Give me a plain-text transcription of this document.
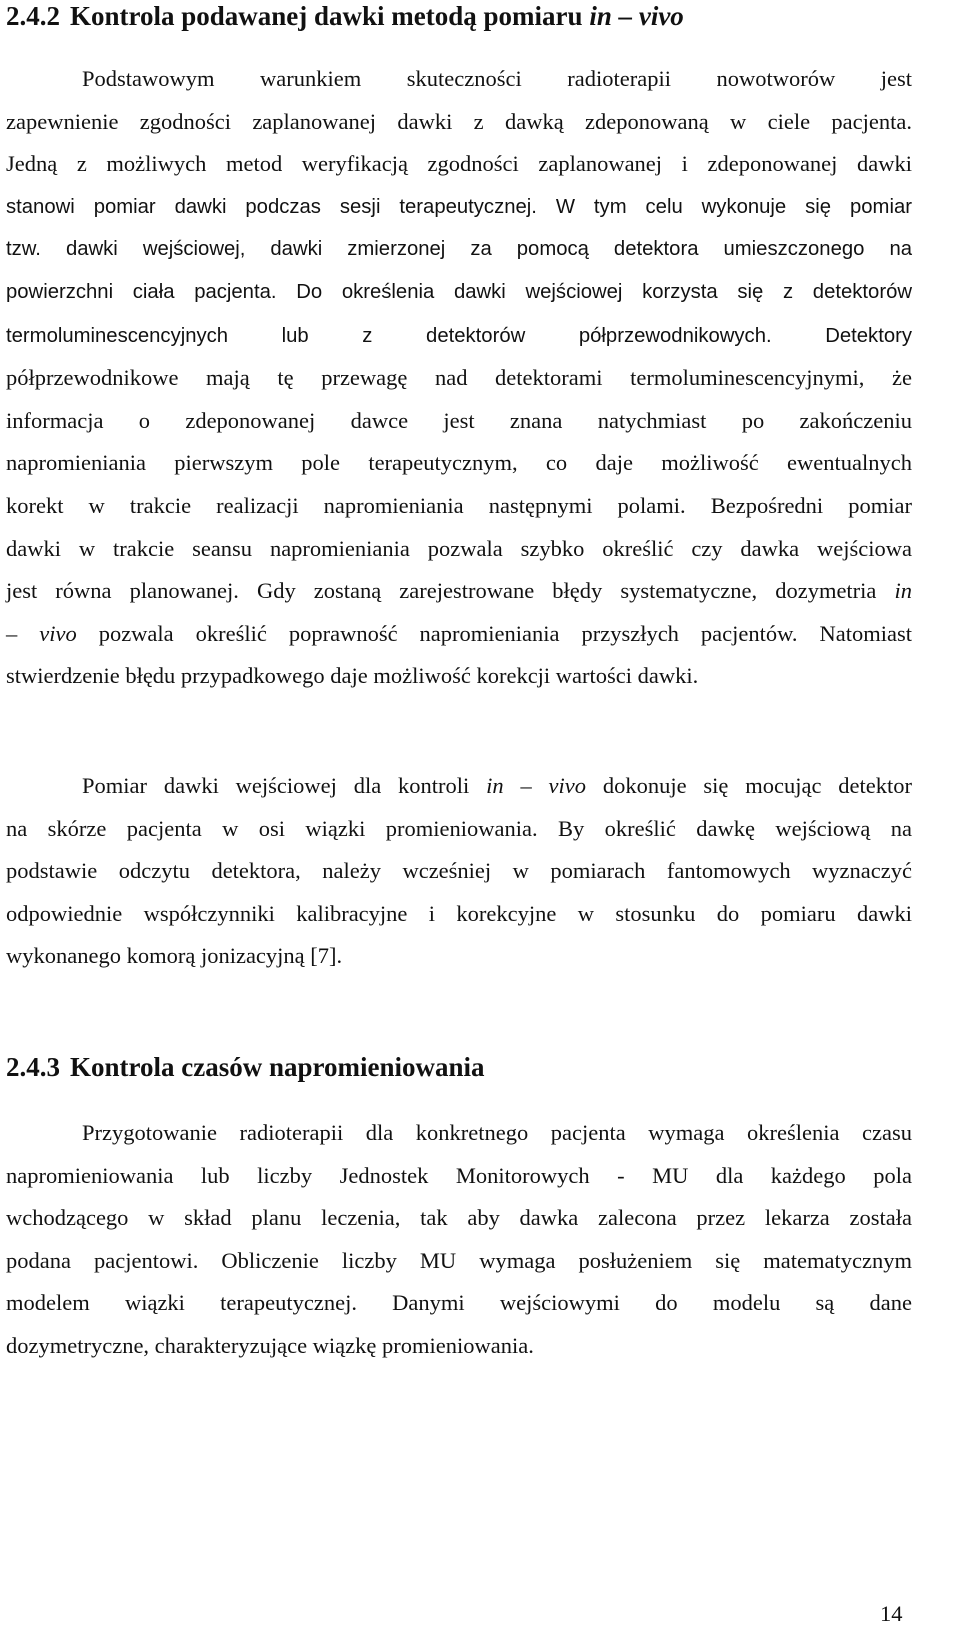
2.4.2 Kontrola podawanej dawki metodą pomiaru in – vivo

Podstawowym warunkiem skuteczności radioterapii nowotworów jest
zapewnienie zgodności zaplanowanej dawki z dawką zdeponowaną w ciele pacjenta.
Jedną z możliwych metod weryfikacją zgodności zaplanowanej i zdeponowanej dawki
stanowi pomiar dawki podczas sesji terapeutycznej. W tym celu wykonuje się pomiar
tzw. dawki wejściowej, dawki zmierzonej za pomocą detektora umieszczonego na
powierzchni ciała pacjenta. Do określenia dawki wejściowej korzysta się z detektorów
termoluminescencyjnych lub z detektorów półprzewodnikowych. Detektory
półprzewodnikowe mają tę przewagę nad detektorami termoluminescencyjnymi, że
informacja o zdeponowanej dawce jest znana natychmiast po zakończeniu
napromieniania pierwszym pole terapeutycznym, co daje możliwość ewentualnych
korekt w trakcie realizacji napromieniania następnymi polami. Bezpośredni pomiar
dawki w trakcie seansu napromieniania pozwala szybko określić czy dawka wejściowa
jest równa planowanej. Gdy zostaną zarejestrowane błędy systematyczne, dozymetria in
– vivo pozwala określić poprawność napromieniania przyszłych pacjentów. Natomiast
stwierdzenie błędu przypadkowego daje możliwość korekcji wartości dawki.

Pomiar dawki wejściowej dla kontroli in – vivo dokonuje się mocując detektor
na skórze pacjenta w osi wiązki promieniowania. By określić dawkę wejściową na
podstawie odczytu detektora, należy wcześniej w pomiarach fantomowych wyznaczyć
odpowiednie współczynniki kalibracyjne i korekcyjne w stosunku do pomiaru dawki
wykonanego komorą jonizacyjną [7].

2.4.3 Kontrola czasów napromieniowania

Przygotowanie radioterapii dla konkretnego pacjenta wymaga określenia czasu
napromieniowania lub liczby Jednostek Monitorowych - MU dla każdego pola
wchodzącego w skład planu leczenia, tak aby dawka zalecona przez lekarza została
podana pacjentowi. Obliczenie liczby MU wymaga posłużeniem się matematycznym
modelem wiązki terapeutycznej. Danymi wejściowymi do modelu są dane
dozymetryczne, charakteryzujące wiązkę promieniowania.

14
